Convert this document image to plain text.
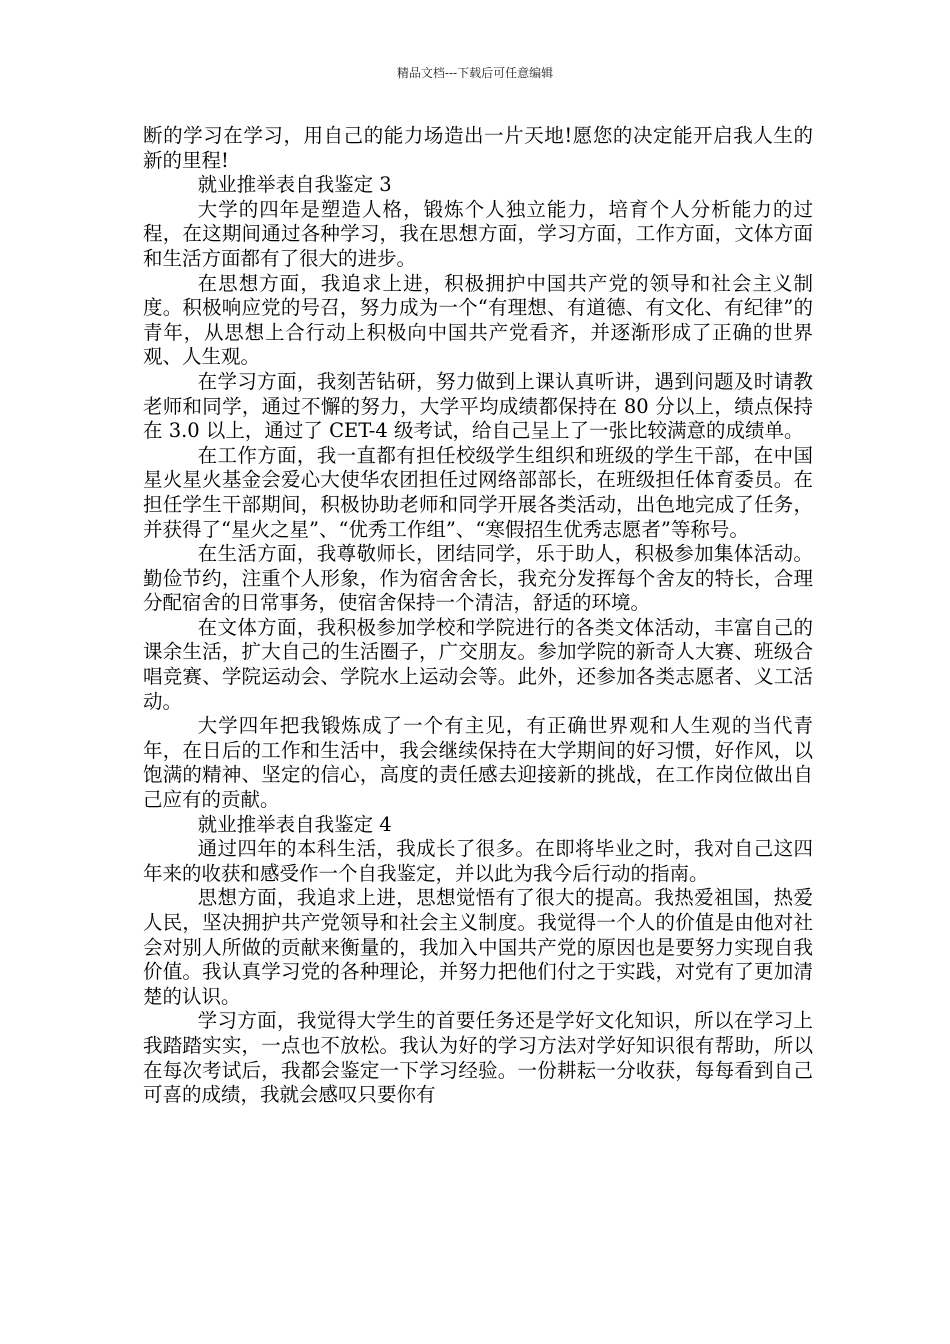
精品文档---下载后可任意编辑

断的学习在学习，用自己的能力场造出一片天地!愿您的决定能开启我人生的新的里程!

就业推举表自我鉴定 3

大学的四年是塑造人格，锻炼个人独立能力，培育个人分析能力的过程，在这期间通过各种学习，我在思想方面，学习方面，工作方面，文体方面和生活方面都有了很大的进步。

在思想方面，我追求上进，积极拥护中国共产党的领导和社会主义制度。积极响应党的号召，努力成为一个“有理想、有道德、有文化、有纪律”的青年，从思想上合行动上积极向中国共产党看齐，并逐渐形成了正确的世界观、人生观。

在学习方面，我刻苦钻研，努力做到上课认真听讲，遇到问题及时请教老师和同学，通过不懈的努力，大学平均成绩都保持在 80 分以上，绩点保持在 3.0 以上，通过了 CET-4 级考试，给自己呈上了一张比较满意的成绩单。

在工作方面，我一直都有担任校级学生组织和班级的学生干部，在中国星火星火基金会爱心大使华农团担任过网络部部长，在班级担任体育委员。在担任学生干部期间，积极协助老师和同学开展各类活动，出色地完成了任务，并获得了“星火之星”、“优秀工作组”、“寒假招生优秀志愿者”等称号。

在生活方面，我尊敬师长，团结同学，乐于助人，积极参加集体活动。勤俭节约，注重个人形象，作为宿舍舍长，我充分发挥每个舍友的特长，合理分配宿舍的日常事务，使宿舍保持一个清洁，舒适的环境。

在文体方面，我积极参加学校和学院进行的各类文体活动，丰富自己的课余生活，扩大自己的生活圈子，广交朋友。参加学院的新奇人大赛、班级合唱竞赛、学院运动会、学院水上运动会等。此外，还参加各类志愿者、义工活动。

大学四年把我锻炼成了一个有主见，有正确世界观和人生观的当代青年，在日后的工作和生活中，我会继续保持在大学期间的好习惯，好作风，以饱满的精神、坚定的信心，高度的责任感去迎接新的挑战，在工作岗位做出自己应有的贡献。

就业推举表自我鉴定 4

通过四年的本科生活，我成长了很多。在即将毕业之时，我对自己这四年来的收获和感受作一个自我鉴定，并以此为我今后行动的指南。

思想方面，我追求上进，思想觉悟有了很大的提高。我热爱祖国，热爱人民，坚决拥护共产党领导和社会主义制度。我觉得一个人的价值是由他对社会对别人所做的贡献来衡量的，我加入中国共产党的原因也是要努力实现自我价值。我认真学习党的各种理论，并努力把他们付之于实践，对党有了更加清楚的认识。

学习方面，我觉得大学生的首要任务还是学好文化知识，所以在学习上我踏踏实实，一点也不放松。我认为好的学习方法对学好知识很有帮助，所以在每次考试后，我都会鉴定一下学习经验。一份耕耘一分收获，每每看到自己可喜的成绩，我就会感叹只要你有
